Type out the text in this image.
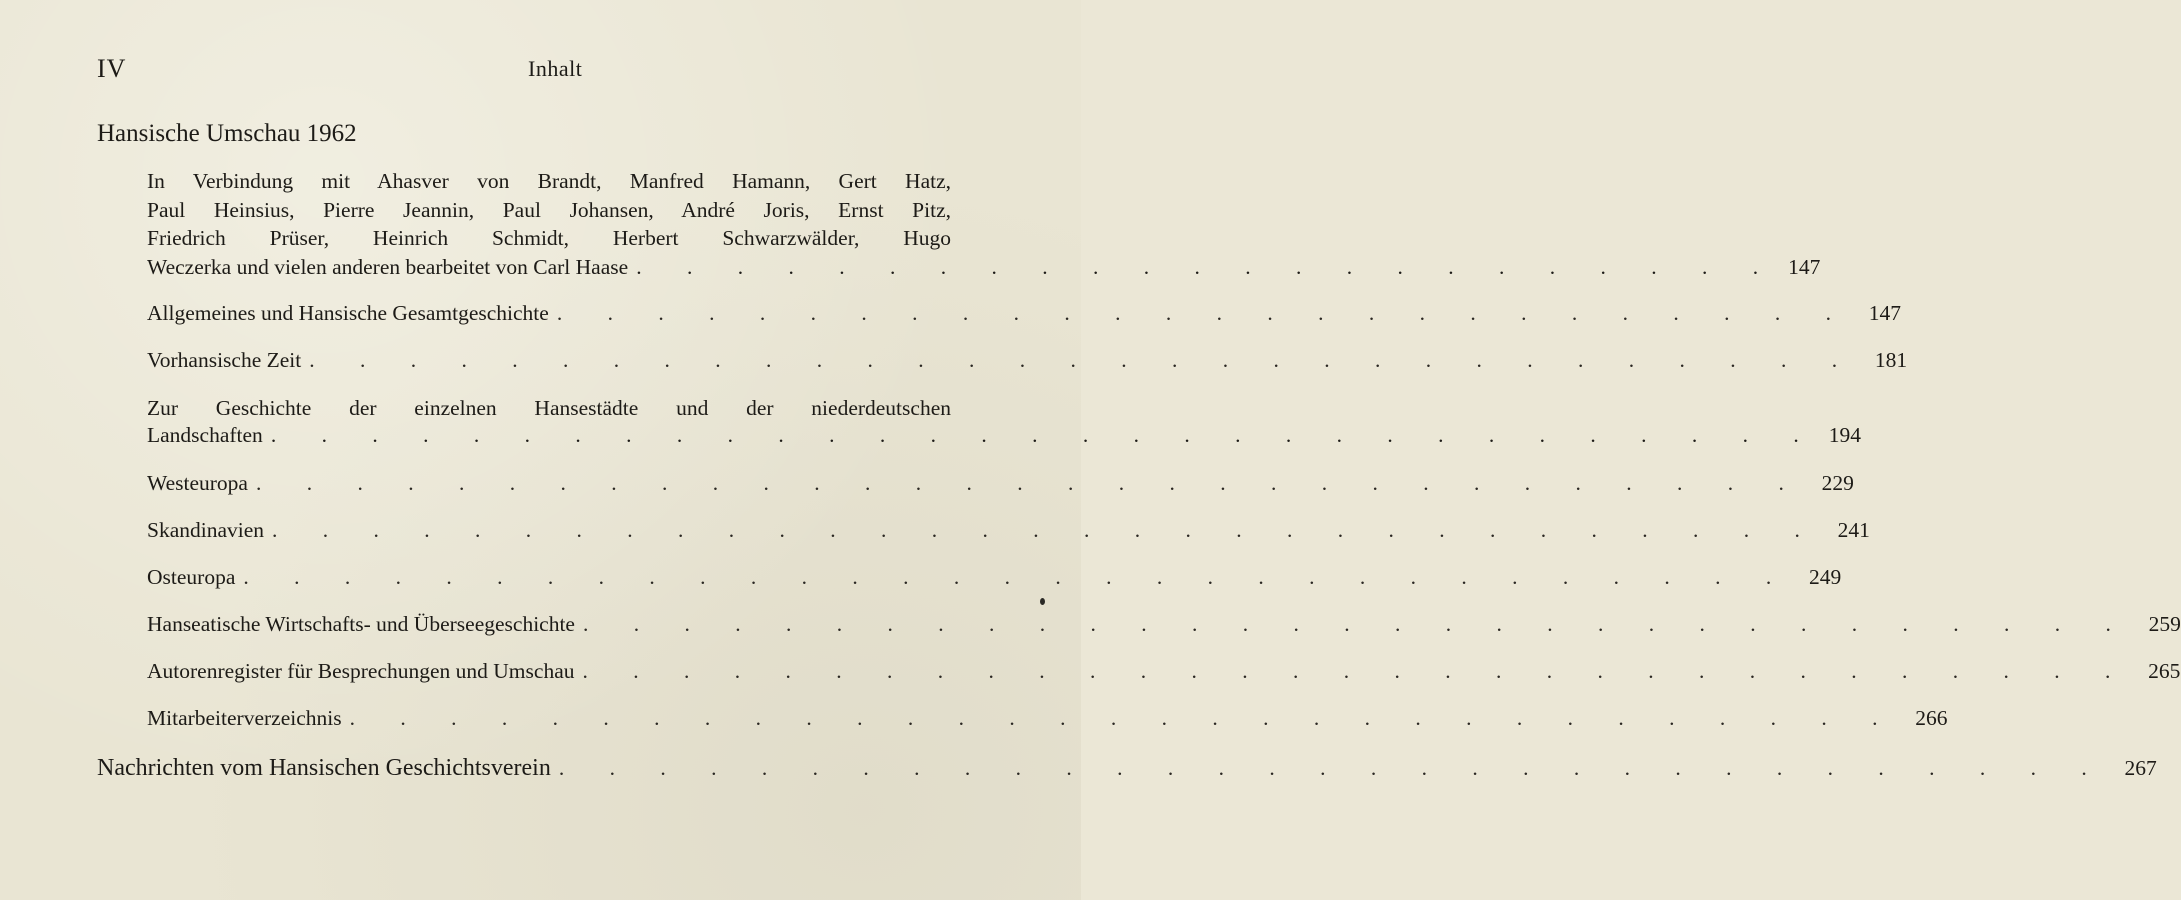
IV	Inhalt
Hansische Umschau 1962
In Verbindung mit Ahasver von Brandt, Manfred Hamann, Gert Hatz,
Paul Heinsius, Pierre Jeannin, Paul Johansen, André Joris, Ernst Pitz,
Friedrich Prüser, Heinrich Schmidt, Herbert Schwarzwälder, Hugo
Weczerka und vielen anderen bearbeitet von Carl Haase . . . . . . . . . . . . . . . . . . . . . . . 147
Allgemeines und Hansische Gesamtgeschichte . . . . . . . . . . . . . . . . . . . . . . . . . . 147
Vorhansische Zeit . . . . . . . . . . . . . . . . . . . . . . . . . . . . . . . 181
Zur Geschichte der einzelnen Hansestädte und der niederdeutschen
Landschaften . . . . . . . . . . . . . . . . . . . . . . . . . . . . . . . 194
Westeuropa . . . . . . . . . . . . . . . . . . . . . . . . . . . . . . . 229
Skandinavien . . . . . . . . . . . . . . . . . . . . . . . . . . . . . . . 241
Osteuropa . . . . . . . . . . . . . . . . . . . . . . . . . . . . . . . 249
Hanseatische Wirtschafts- und Überseegeschichte . . . . . . . . . . . . . . . . . . . . . . . . . . . . . . . 259
Autorenregister für Besprechungen und Umschau . . . . . . . . . . . . . . . . . . . . . . . . . . . . . . . 265
Mitarbeiterverzeichnis . . . . . . . . . . . . . . . . . . . . . . . . . . . . . . . 266
Nachrichten vom Hansischen Geschichtsverein . . . . . . . . . . . . . . . . . . . . . . . . . . . . . . . 267
